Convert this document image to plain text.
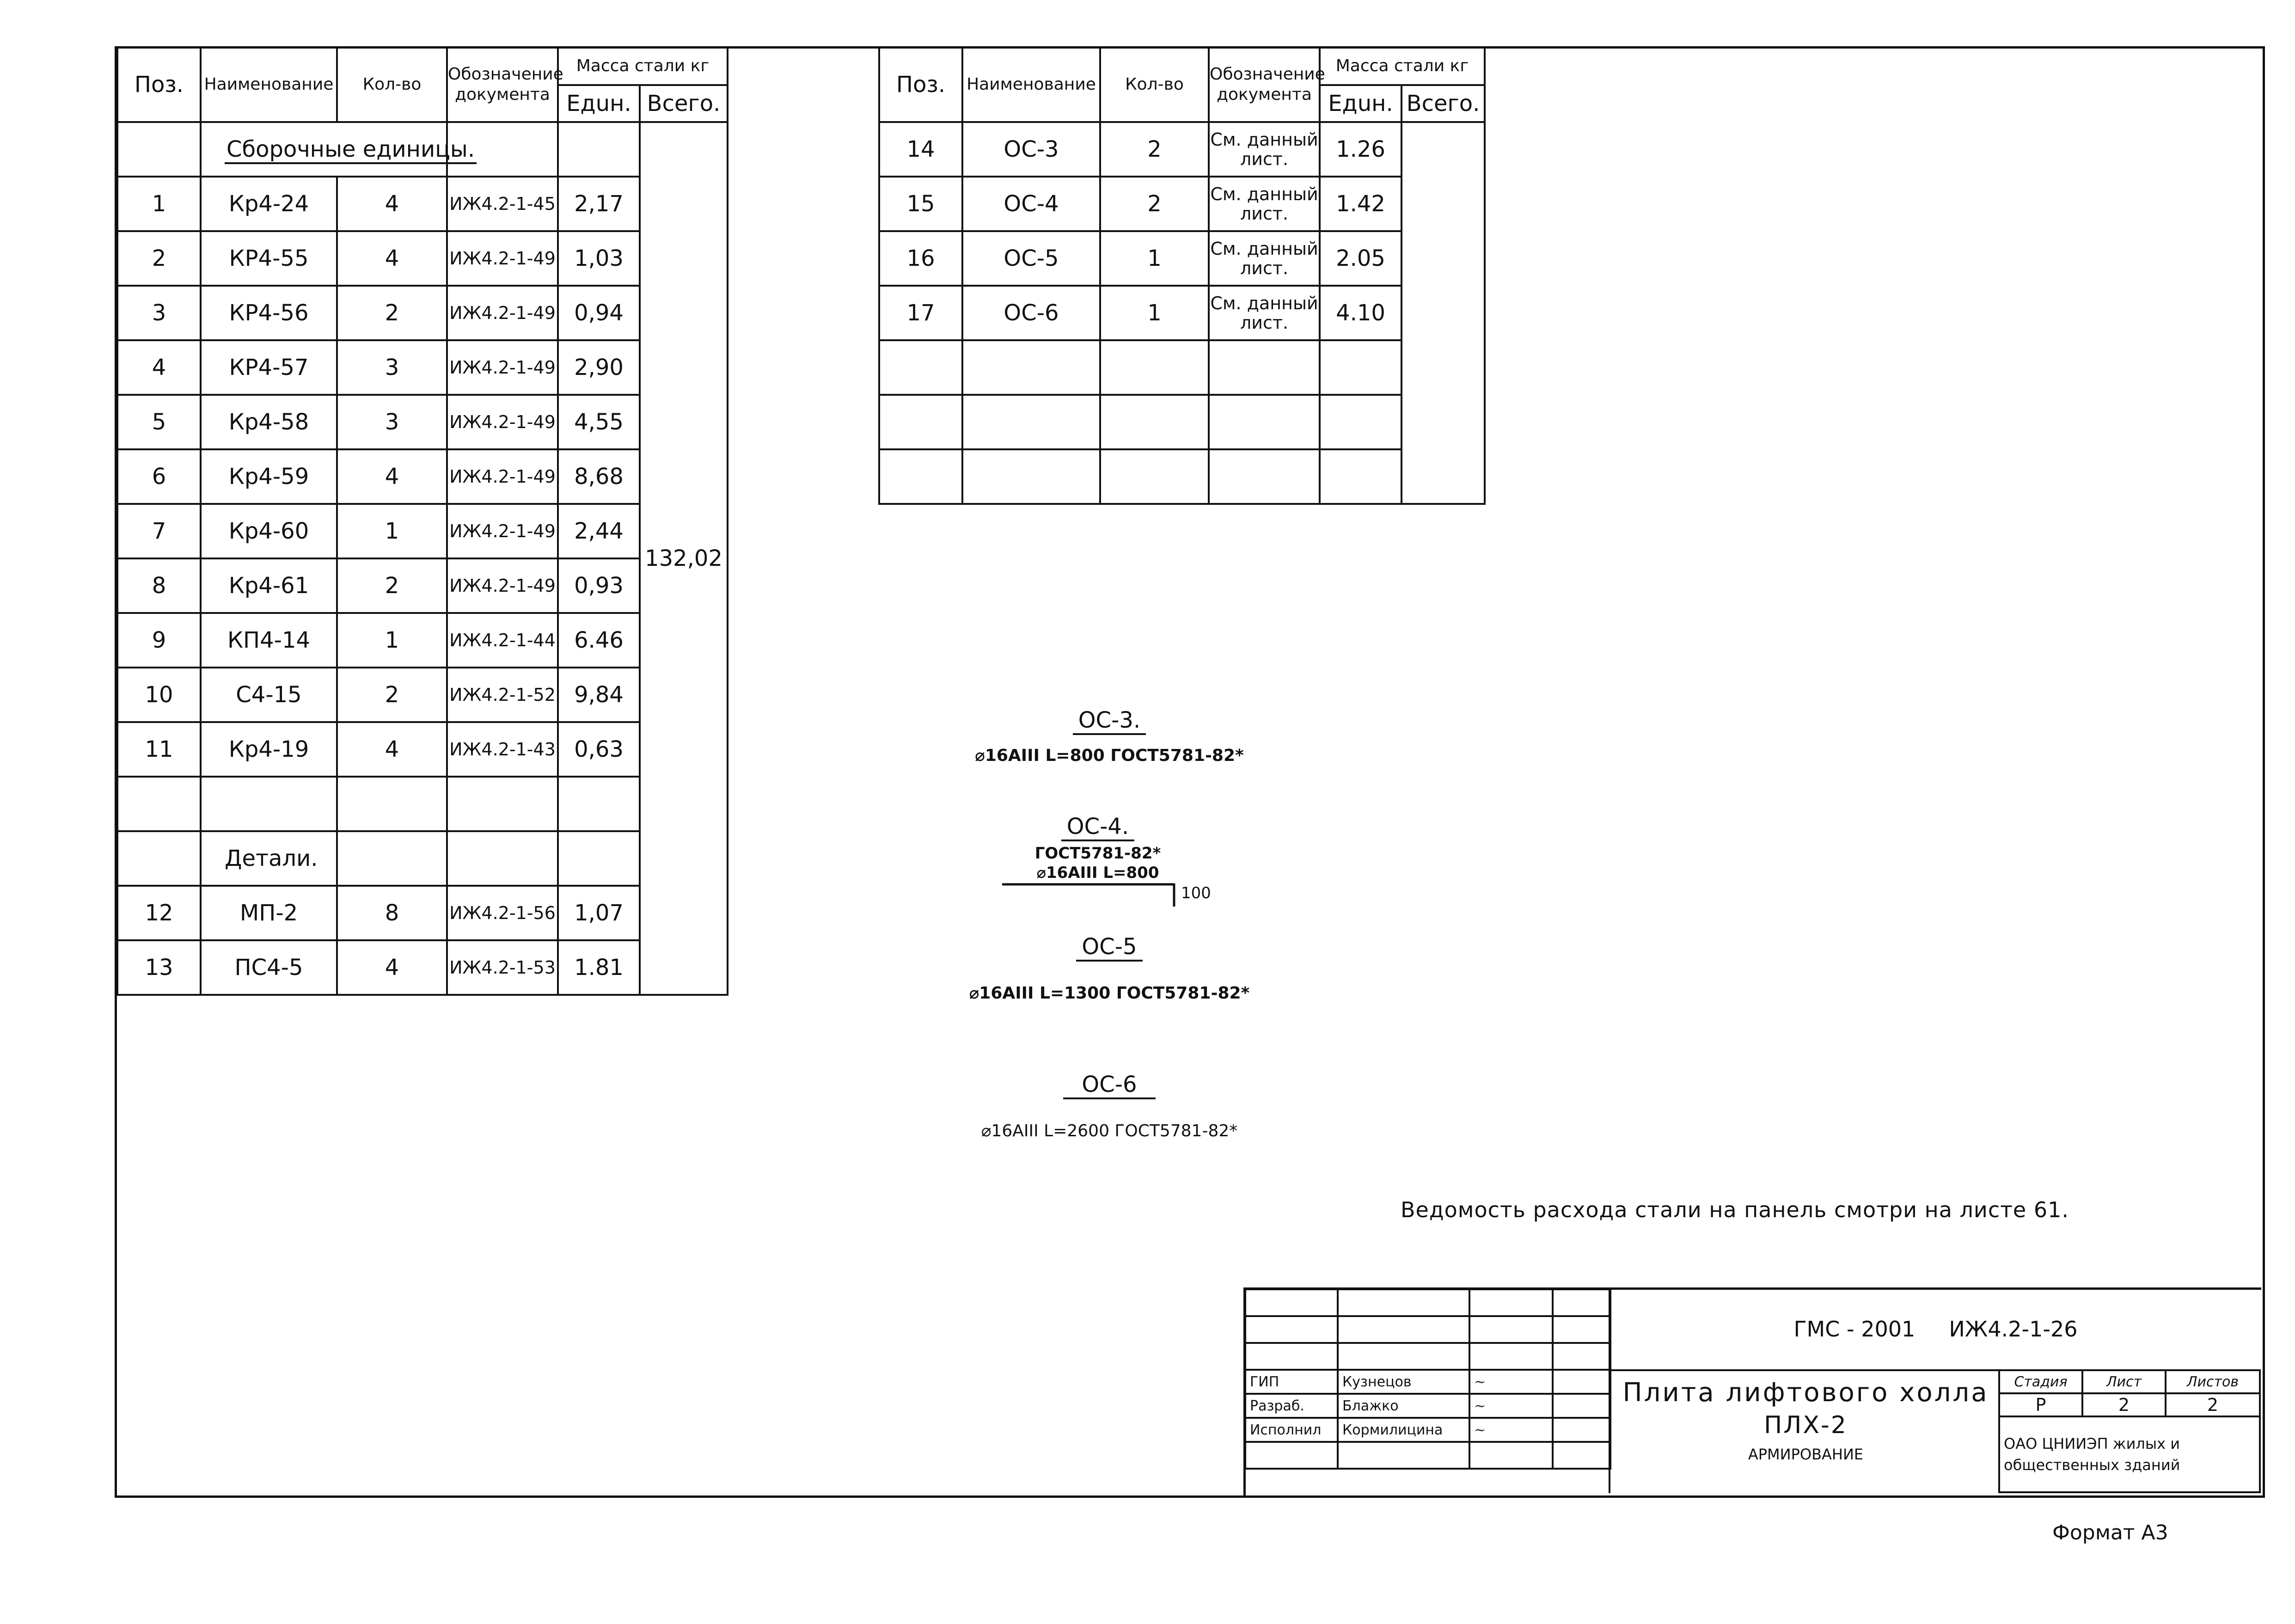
Поз.	Наименование	Кол-во	Обозначение документа	Масса стали кг	
				Едuн.	Всего.
	Сборочные единицы.				132,02
1	Кр4-24	4	ИЖ4.2-1-45	2,17	
2	КР4-55	4	ИЖ4.2-1-49	1,03	
3	КР4-56	2	ИЖ4.2-1-49	0,94	
4	КР4-57	3	ИЖ4.2-1-49	2,90	
5	Кр4-58	3	ИЖ4.2-1-49	4,55	
6	Кр4-59	4	ИЖ4.2-1-49	8,68	
7	Кр4-60	1	ИЖ4.2-1-49	2,44	
8	Кр4-61	2	ИЖ4.2-1-49	0,93	
9	КП4-14	1	ИЖ4.2-1-44	6.46	
10	С4-15	2	ИЖ4.2-1-52	9,84	
11	Кр4-19	4	ИЖ4.2-1-43	0,63	

	Детали.				
12	МП-2	8	ИЖ4.2-1-56	1,07	
13	ПС4-5	4	ИЖ4.2-1-53	1.81	
Поз.	Наименование	Кол-во	Обозначение документа	Масса стали кг	
				Едuн.	Всего.
14	ОС-3	2	См. данный лист.	1.26	
15	ОС-4	2	См. данный лист.	1.42	
16	ОС-5	1	См. данный лист.	2.05	
17	ОС-6	1	См. данный лист.	4.10	

ОС-3.
⌀16АIII L=800 ГОСТ5781-82*
ОС-4.
ГОСТ5781-82*
⌀16АIII L=800
100
ОС-5
⌀16АIII L=1300 ГОСТ5781-82*
ОС-6
⌀16АIII L=2600 ГОСТ5781-82*
Ведомость расхода стали на панель смотри на листе 61.

ГИП	Кузнецов	~	
Разраб.	Блажко	~	
Исполнил	Кормилицина	~	

ГМС - 2001     ИЖ4.2-1-26
Плита лифтового холла
ПЛХ-2
АРМИРОВАНИЕ
Стадия	Лист	Листов
Р	2	2

ОАО ЦНИИЭП жилых и
общественных зданий		
Формат А3
